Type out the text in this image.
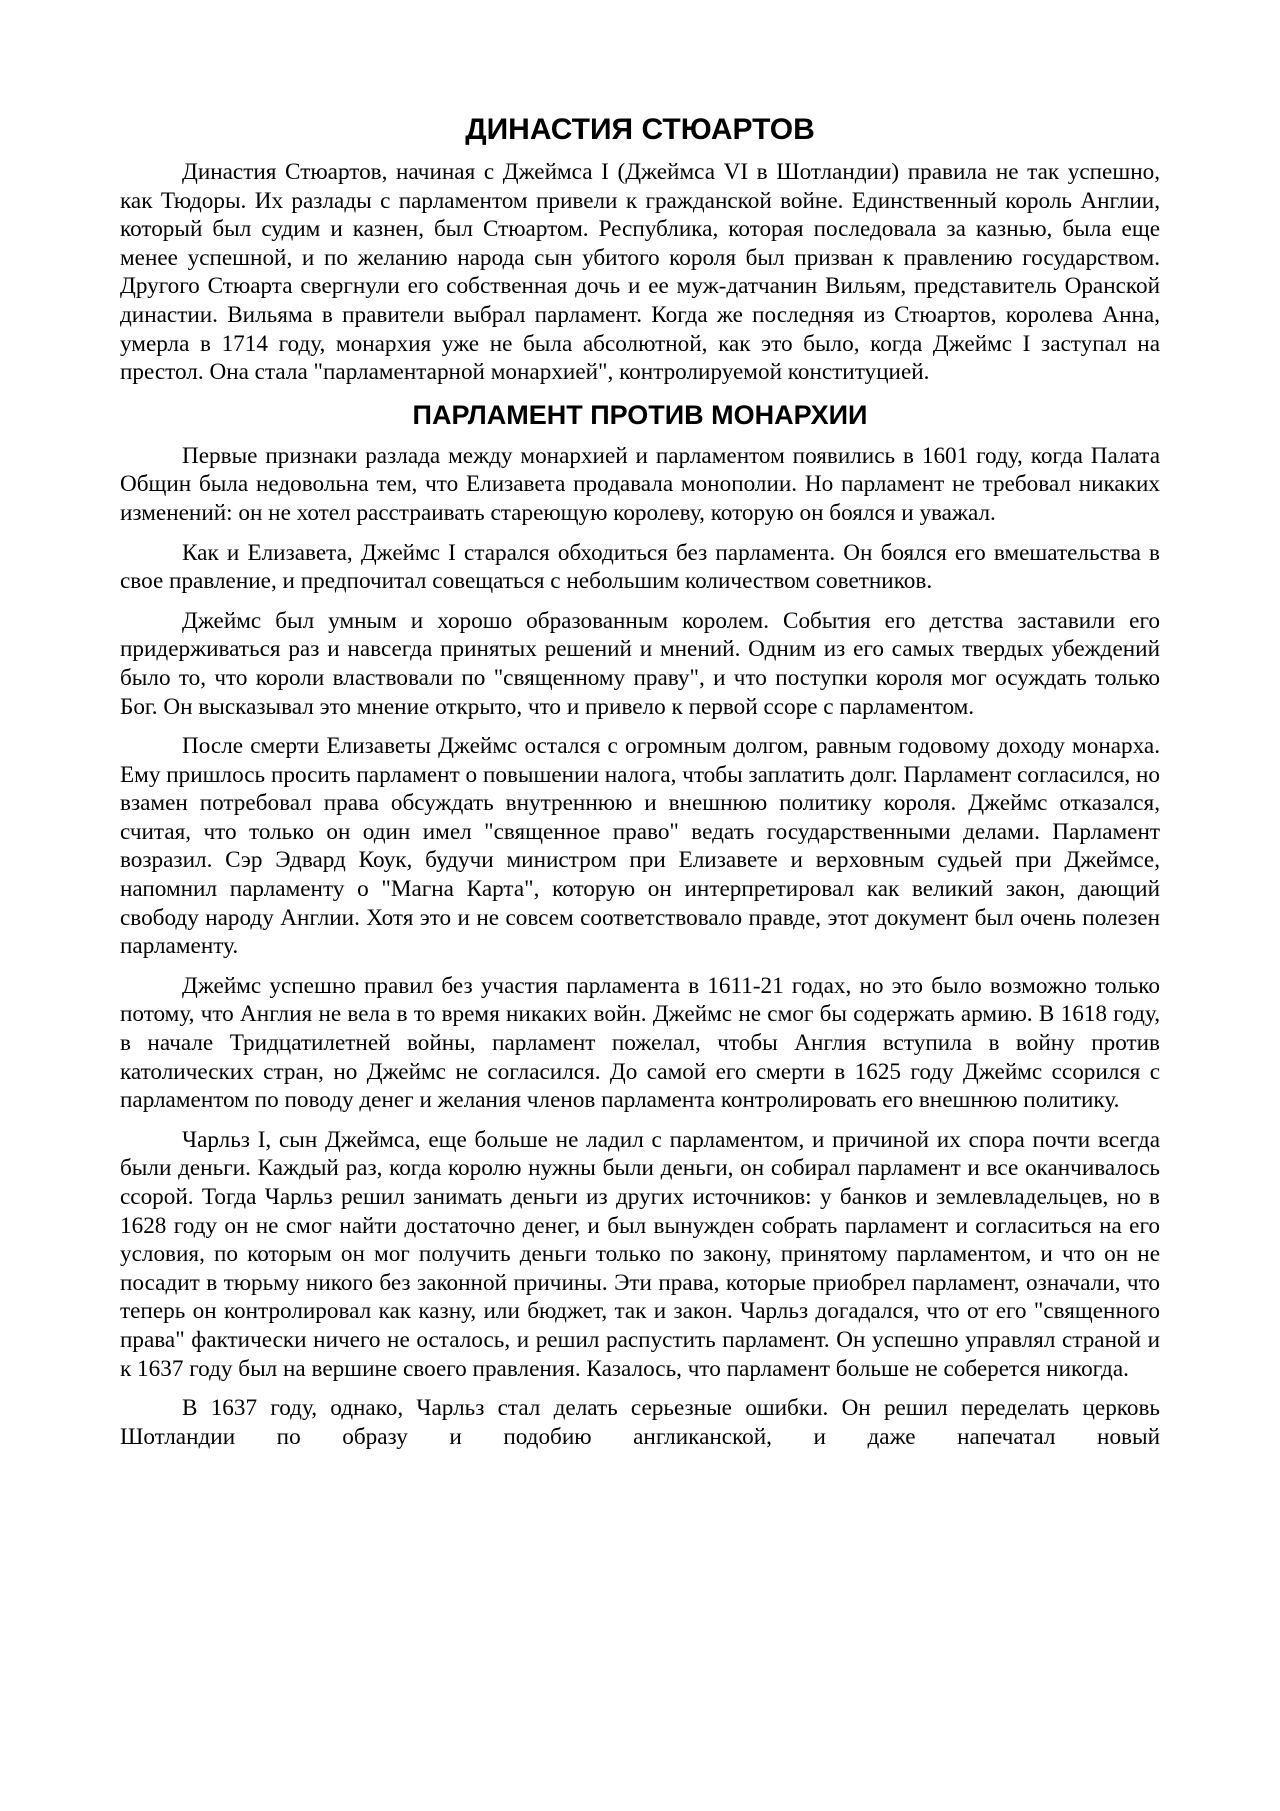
ДИНАСТИЯ СТЮАРТОВ

Династия Стюартов, начиная с Джеймса I (Джеймса VI в Шотландии) правила не так успешно, как Тюдоры. Их разлады с парламентом привели к гражданской войне. Единственный король Англии, который был судим и казнен, был Стюартом. Республика, которая последовала за казнью, была еще менее успешной, и по желанию народа сын убитого короля был призван к правлению государством. Другого Стюарта свергнули его собственная дочь и ее муж-датчанин Вильям, представитель Оранской династии. Вильяма в правители выбрал парламент. Когда же последняя из Стюартов, королева Анна, умерла в 1714 году, монархия уже не была абсолютной, как это было, когда Джеймс I заступал на престол. Она стала "парламентарной монархией", контролируемой конституцией.

ПАРЛАМЕНТ ПРОТИВ МОНАРХИИ

Первые признаки разлада между монархией и парламентом появились в 1601 году, когда Палата Общин была недовольна тем, что Елизавета продавала монополии. Но парламент не требовал никаких изменений: он не хотел расстраивать стареющую королеву, которую он боялся и уважал.

Как и Елизавета, Джеймс I старался обходиться без парламента. Он боялся его вмешательства в свое правление, и предпочитал совещаться с небольшим количеством советников.

Джеймс был умным и хорошо образованным королем. События его детства заставили его придерживаться раз и навсегда принятых решений и мнений. Одним из его самых твердых убеждений было то, что короли властвовали по "священному праву", и что поступки короля мог осуждать только Бог. Он высказывал это мнение открыто, что и привело к первой ссоре с парламентом.

После смерти Елизаветы Джеймс остался с огромным долгом, равным годовому доходу монарха. Ему пришлось просить парламент о повышении налога, чтобы заплатить долг. Парламент согласился, но взамен потребовал права обсуждать внутреннюю и внешнюю политику короля. Джеймс отказался, считая, что только он один имел "священное право" ведать государственными делами. Парламент возразил. Сэр Эдвард Коук, будучи министром при Елизавете и верховным судьей при Джеймсе, напомнил парламенту о "Магна Карта", которую он интерпретировал как великий закон, дающий свободу народу Англии. Хотя это и не совсем соответствовало правде, этот документ был очень полезен парламенту.

Джеймс успешно правил без участия парламента в 1611-21 годах, но это было возможно только потому, что Англия не вела в то время никаких войн. Джеймс не смог бы содержать армию. В 1618 году, в начале Тридцатилетней войны, парламент пожелал, чтобы Англия вступила в войну против католических стран, но Джеймс не согласился. До самой его смерти в 1625 году Джеймс ссорился с парламентом по поводу денег и желания членов парламента контролировать его внешнюю политику.

Чарльз I, сын Джеймса, еще больше не ладил с парламентом, и причиной их спора почти всегда были деньги. Каждый раз, когда королю нужны были деньги, он собирал парламент и все оканчивалось ссорой. Тогда Чарльз решил занимать деньги из других источников: у банков и землевладельцев, но в 1628 году он не смог найти достаточно денег, и был вынужден собрать парламент и согласиться на его условия, по которым он мог получить деньги только по закону, принятому парламентом, и что он не посадит в тюрьму никого без законной причины. Эти права, которые приобрел парламент, означали, что теперь он контролировал как казну, или бюджет, так и закон. Чарльз догадался, что от его "священного права" фактически ничего не осталось, и решил распустить парламент. Он успешно управлял страной и к 1637 году был на вершине своего правления. Казалось, что парламент больше не соберется никогда.

В 1637 году, однако, Чарльз стал делать серьезные ошибки. Он решил переделать церковь Шотландии по образу и подобию англиканской, и даже напечатал новый
